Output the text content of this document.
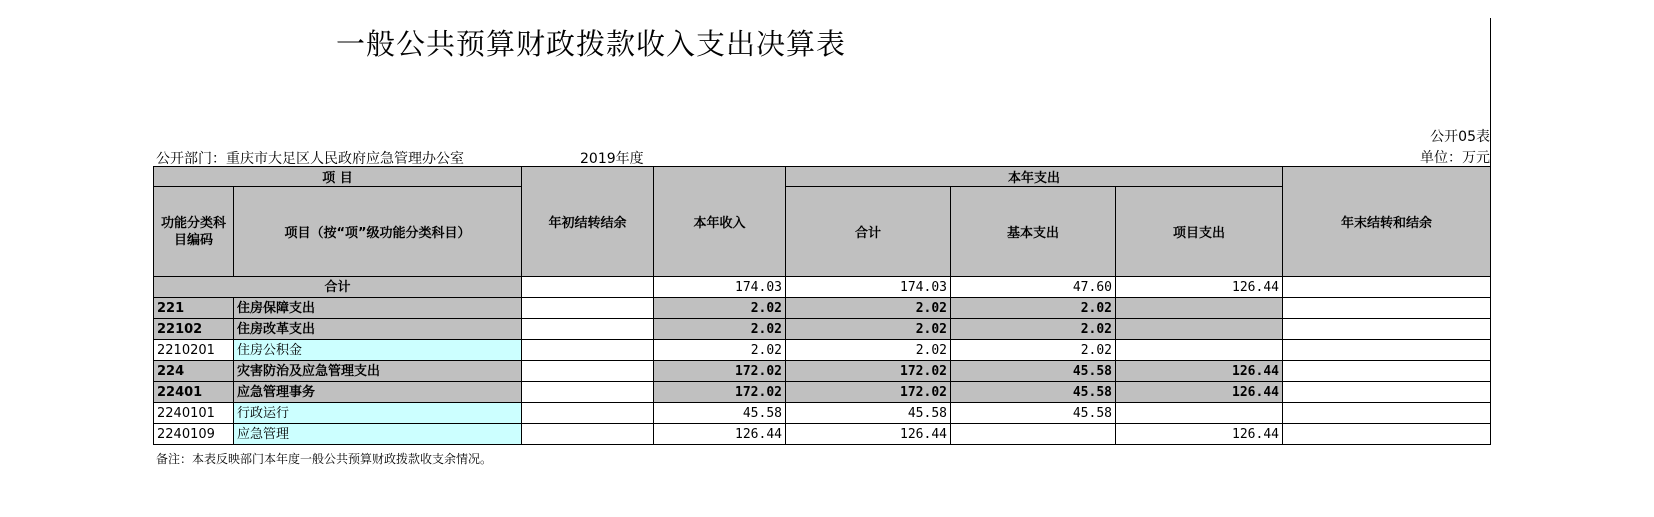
一般公共预算财政拨款收入支出决算表
公开05表
单位：万元
公开部门：重庆市大足区人民政府应急管理办公室	2019年度
项 目		年初结转结余	本年收入	本年支出			年末结转和结余
功能分类科目编码	项目（按“项”级功能分类科目）			合计	基本支出	项目支出	
合计			174.03	174.03	47.60	126.44	
221	住房保障支出		2.02	2.02	2.02		
22102	住房改革支出		2.02	2.02	2.02		
2210201	住房公积金		2.02	2.02	2.02		
224	灾害防治及应急管理支出		172.02	172.02	45.58	126.44	
22401	应急管理事务		172.02	172.02	45.58	126.44	
2240101	行政运行		45.58	45.58	45.58		
2240109	应急管理		126.44	126.44		126.44	
备注：本表反映部门本年度一般公共预算财政拨款收支余情况。
